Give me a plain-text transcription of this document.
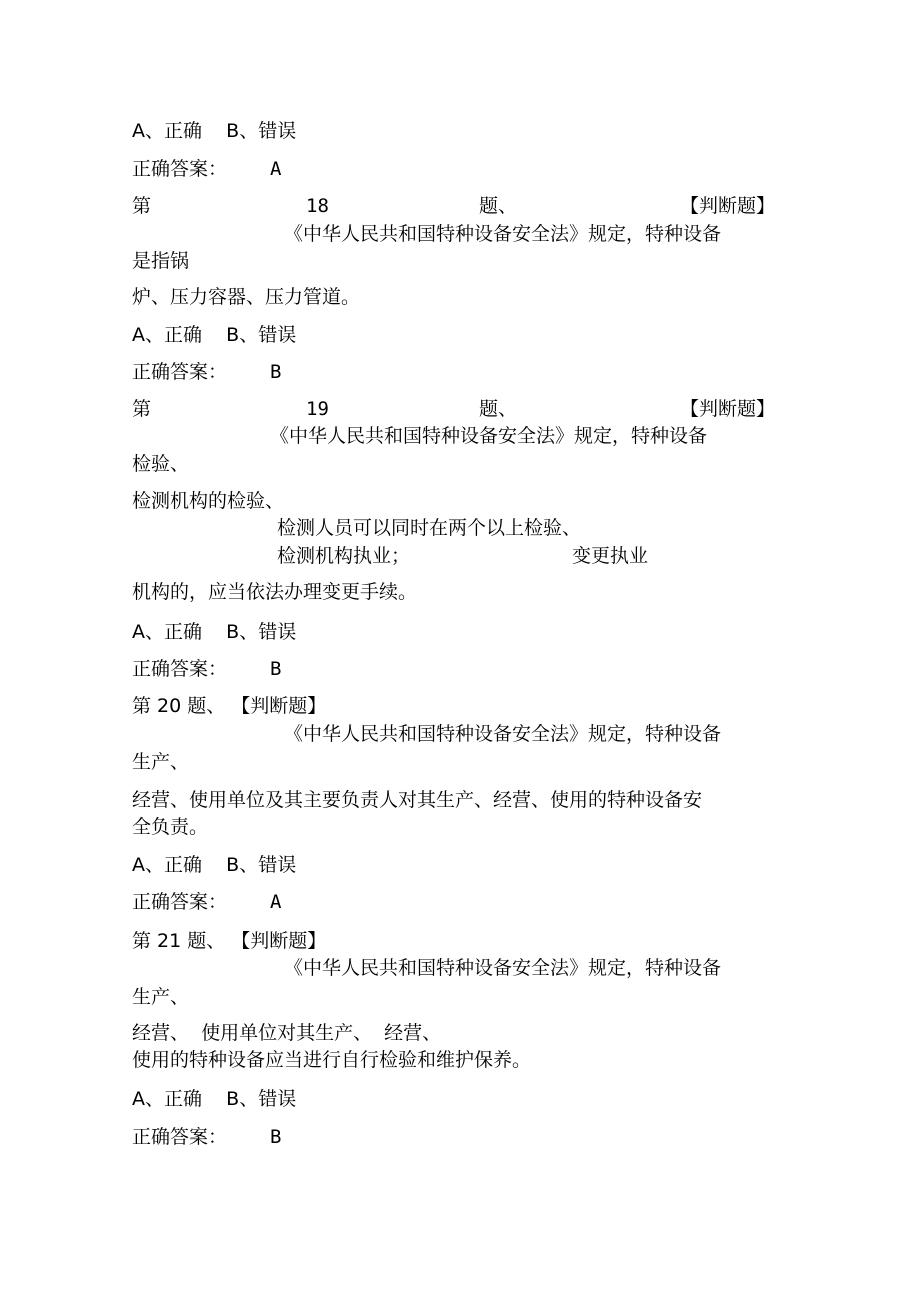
A、正确    B、错误

正确答案： A

第	18	题、	【判断题】

《中华人民共和国特种设备安全法》规定，特种设备

是指锅

炉、压力容器、压力管道。

A、正确    B、错误

正确答案： B

第	19	题、	【判断题】

《中华人民共和国特种设备安全法》规定，特种设备

检验、

检测机构的检验、

检测人员可以同时在两个以上检验、

检测机构执业；	变更执业

机构的，应当依法办理变更手续。

A、正确    B、错误

正确答案： B

第 20 题、 【判断题】

《中华人民共和国特种设备安全法》规定，特种设备

生产、

经营、使用单位及其主要负责人对其生产、经营、使用的特种设备安

全负责。

A、正确    B、错误

正确答案： A

第 21 题、 【判断题】

《中华人民共和国特种设备安全法》规定，特种设备

生产、

经营、  使用单位对其生产、  经营、

使用的特种设备应当进行自行检验和维护保养。

A、正确    B、错误

正确答案： B
